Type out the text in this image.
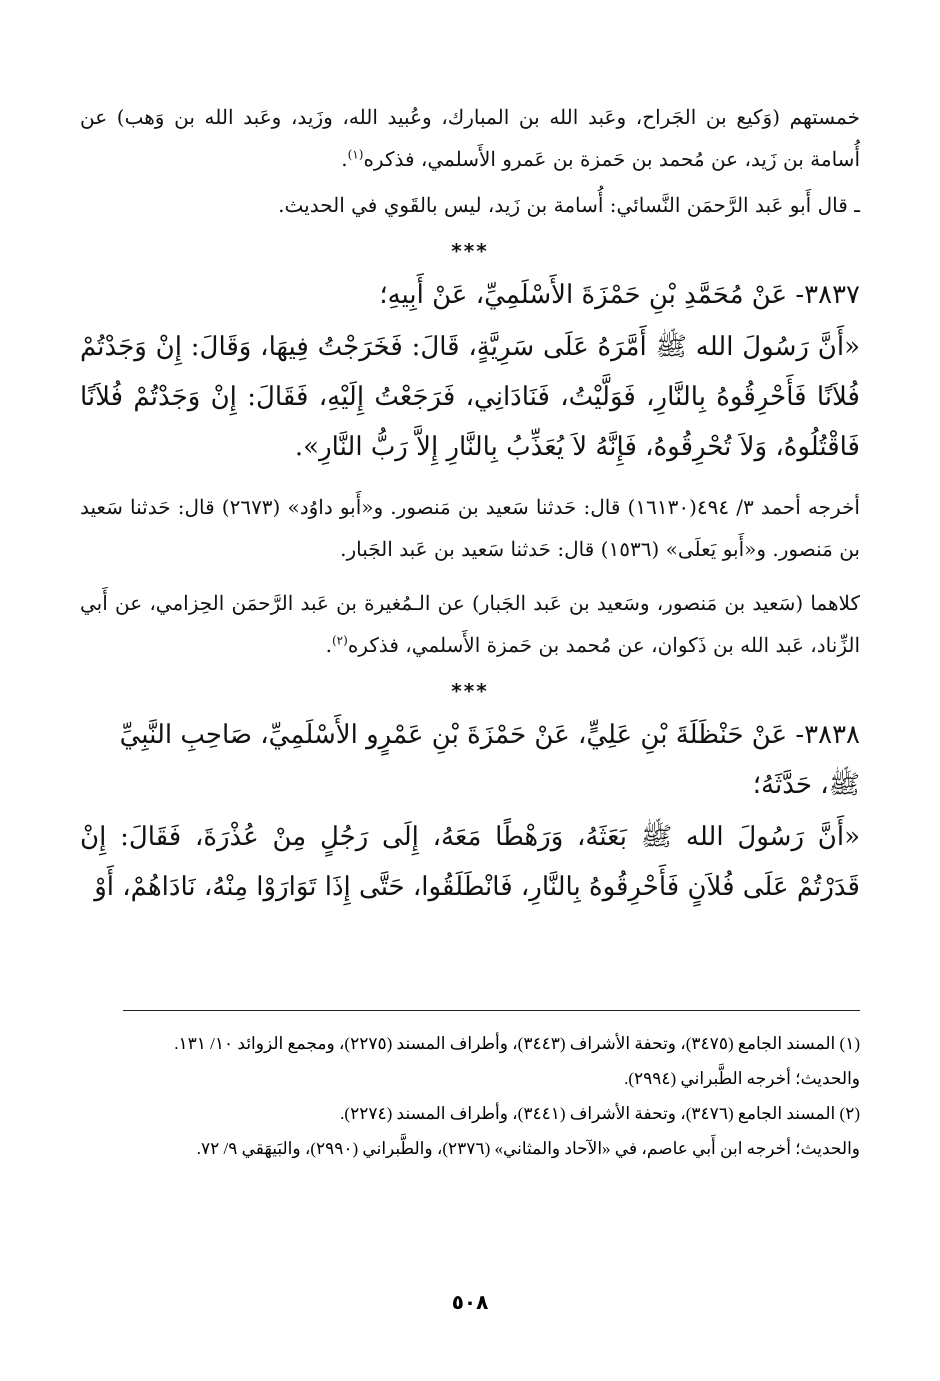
خمستهم (وَكيع بن الجَراح، وعَبد الله بن المبارك، وعُبيد الله، وزَيد، وعَبد الله بن وَهب) عن أُسامة بن زَيد، عن مُحمد بن حَمزة بن عَمرو الأَسلمي، فذكره$^{(١)}$.

ـ قال أَبو عَبد الرَّحمَن النَّسائي: أُسامة بن زَيد، ليس بالقَوي في الحديث.

***

٣٨٣٧- عَنْ مُحَمَّدِ بْنِ حَمْزَةَ الأَسْلَمِيِّ، عَنْ أَبِيهِ؛

«أَنَّ رَسُولَ الله ﷺ أَمَّرَهُ عَلَى سَرِيَّةٍ، قَالَ: فَخَرَجْتُ فِيهَا، وَقَالَ: إِنْ وَجَدْتُمْ فُلاَنًا فَأَحْرِقُوهُ بِالنَّارِ، فَوَلَّيْتُ، فَنَادَانِي، فَرَجَعْتُ إِلَيْهِ، فَقَالَ: إِنْ وَجَدْتُمْ فُلاَنًا فَاقْتُلُوهُ، وَلاَ تُحْرِقُوهُ، فَإِنَّهُ لاَ يُعَذِّبُ بِالنَّارِ إِلاَّ رَبُّ النَّارِ».

أخرجه أحمد ٣/ ٤٩٤(١٦١٣٠) قال: حَدثنا سَعيد بن مَنصور. و«أَبو داوُد» (٢٦٧٣) قال: حَدثنا سَعيد بن مَنصور. و«أَبو يَعلَى» (١٥٣٦) قال: حَدثنا سَعيد بن عَبد الجَبار.

كلاهما (سَعيد بن مَنصور، وسَعيد بن عَبد الجَبار) عن الـمُغيرة بن عَبد الرَّحمَن الحِزامي، عن أَبي الزِّناد، عَبد الله بن ذَكوان، عن مُحمد بن حَمزة الأَسلمي، فذكره$^{(٢)}$.

***

٣٨٣٨- عَنْ حَنْظَلَةَ بْنِ عَلِيٍّ، عَنْ حَمْزَةَ بْنِ عَمْرٍو الأَسْلَمِيِّ، صَاحِبِ النَّبِيِّ ﷺ، حَدَّثَهُ؛

«أَنَّ رَسُولَ الله ﷺ بَعَثَهُ، وَرَهْطًا مَعَهُ، إِلَى رَجُلٍ مِنْ عُذْرَةَ، فَقَالَ: إِنْ قَدَرْتُمْ عَلَى فُلاَنٍ فَأَحْرِقُوهُ بِالنَّارِ، فَانْطَلَقُوا، حَتَّى إِذَا تَوَارَوْا مِنْهُ، نَادَاهُمْ، أَوْ

(١) المسند الجامع (٣٤٧٥)، وتحفة الأشراف (٣٤٤٣)، وأطراف المسند (٢٢٧٥)، ومجمع الزوائد ١٠/ ١٣١.

والحديث؛ أخرجه الطَّبراني (٢٩٩٤).

(٢) المسند الجامع (٣٤٧٦)، وتحفة الأشراف (٣٤٤١)، وأطراف المسند (٢٢٧٤).

والحديث؛ أخرجه ابن أَبي عاصم، في «الآحاد والمثاني» (٢٣٧٦)، والطَّبراني (٢٩٩٠)، والبَيهَقي ٩/ ٧٢.

٥٠٨
